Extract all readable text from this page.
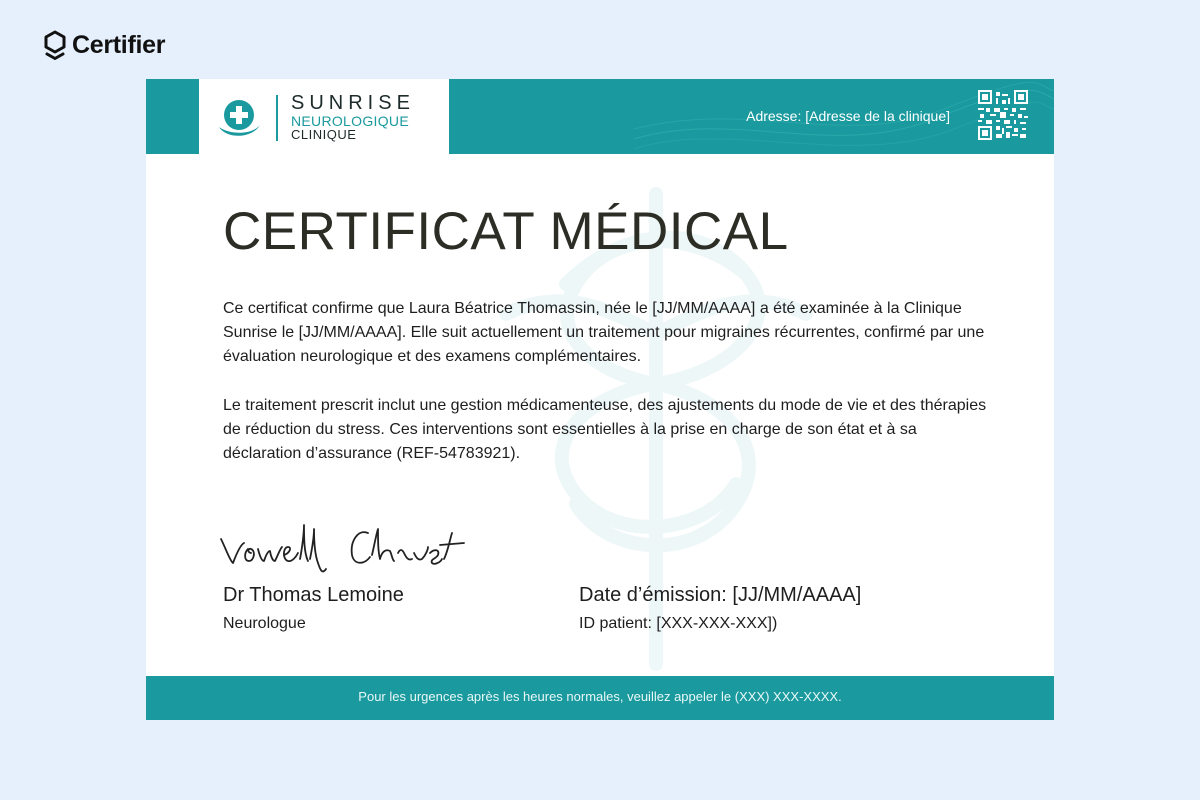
Certifier
SUNRISE
NEUROLOGIQUE
CLINIQUE
Adresse: [Adresse de la clinique]
CERTIFICAT MÉDICAL

Ce certificat confirme que Laura Béatrice Thomassin, née le [JJ/MM/AAAA] a été examinée à la Clinique Sunrise le [JJ/MM/AAAA]. Elle suit actuellement un traitement pour migraines récurrentes, confirmé par une évaluation neurologique et des examens complémentaires.

Le traitement prescrit inclut une gestion médicamenteuse, des ajustements du mode de vie et des thérapies de réduction du stress. Ces interventions sont essentielles à la prise en charge de son état et à sa déclaration d’assurance (REF-54783921).

Dr Thomas Lemoine
Neurologue
Date d’émission: [JJ/MM/AAAA]
ID patient: [XXX-XXX-XXX])
Pour les urgences après les heures normales, veuillez appeler le (XXX) XXX-XXXX.
